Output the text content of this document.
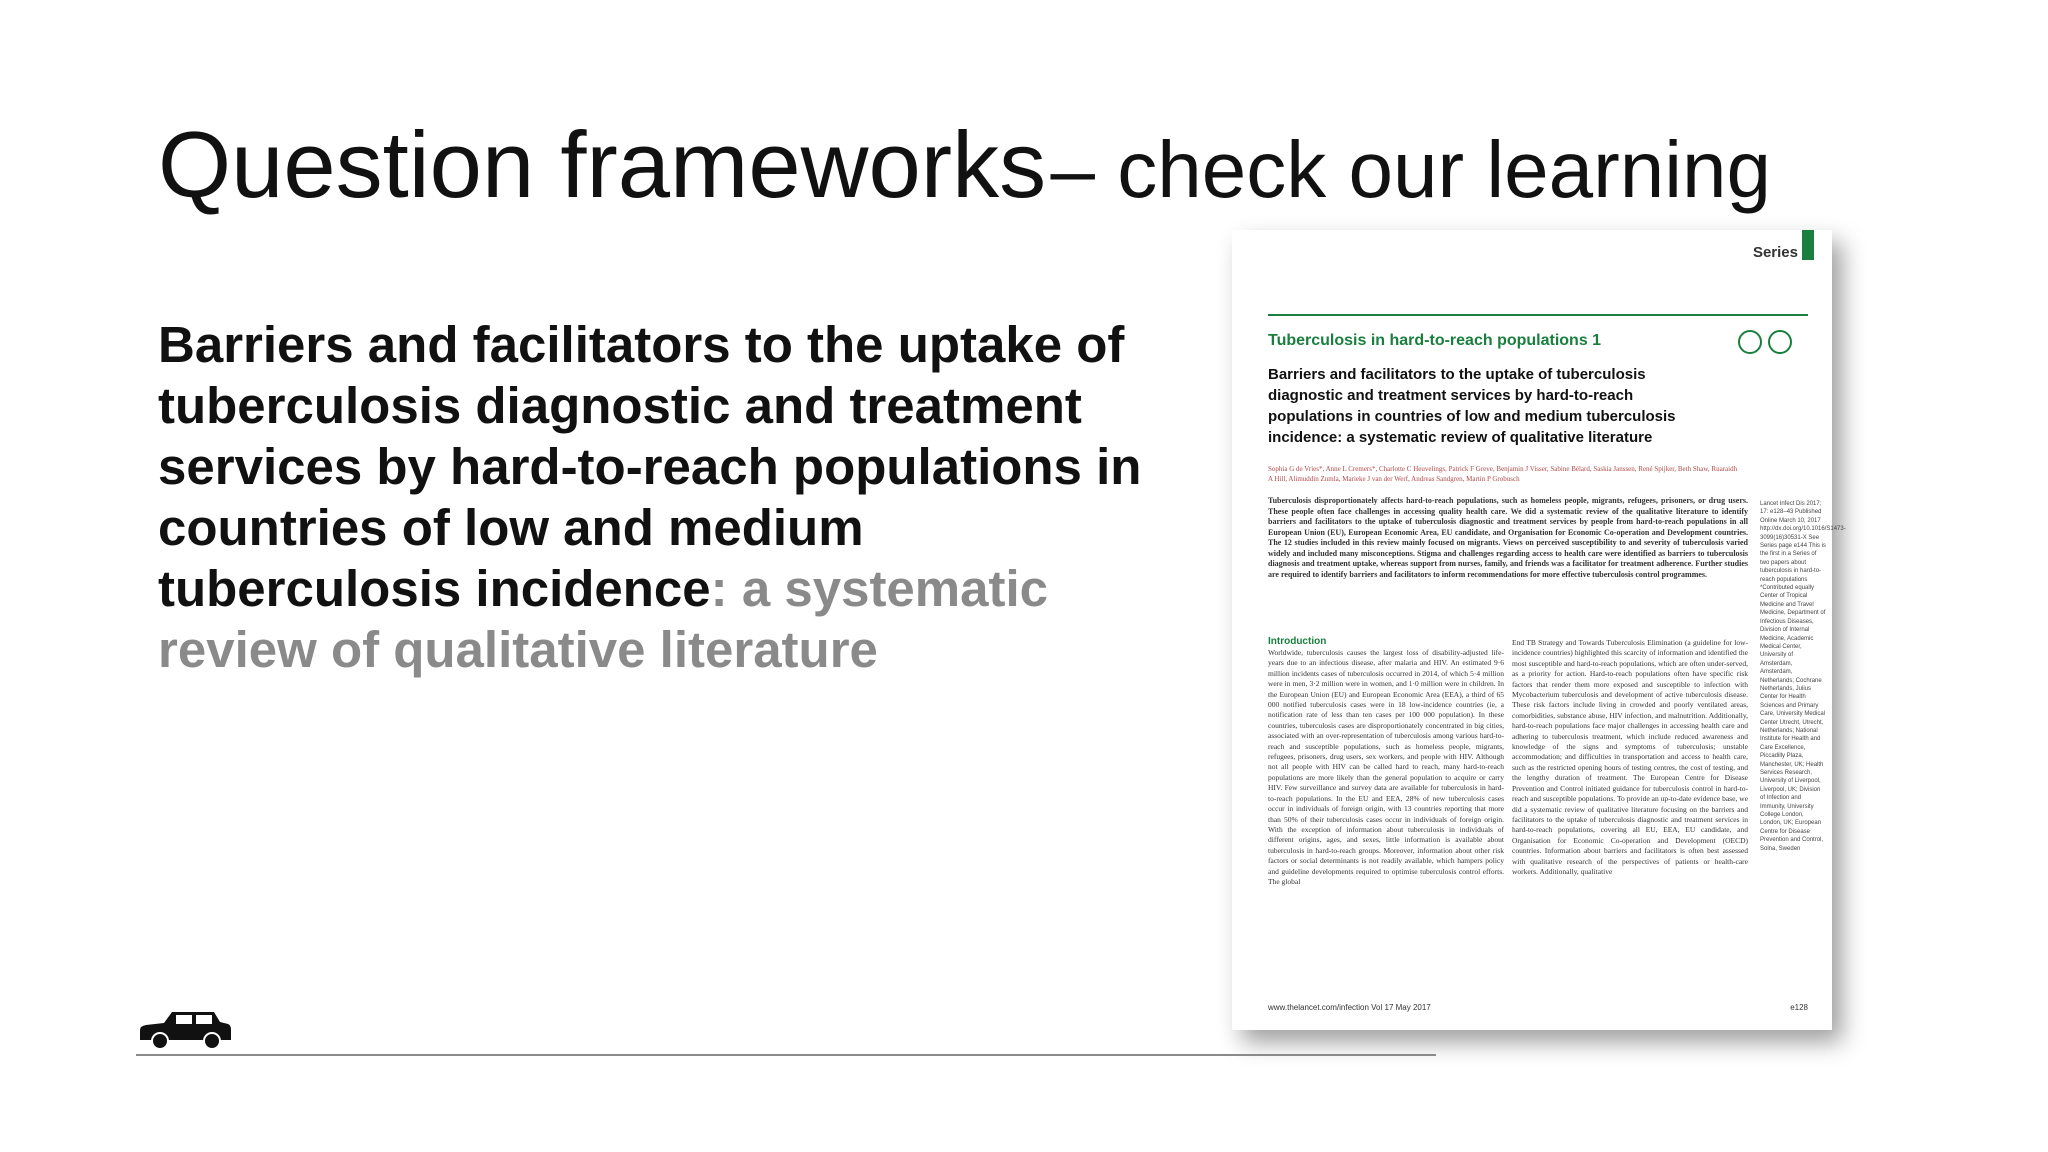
Question frameworks – check our learning

Barriers and facilitators to the uptake of tuberculosis diagnostic and treatment services by hard-to-reach populations in countries of low and medium tuberculosis incidence: a systematic review of qualitative literature

Series
Tuberculosis in hard-to-reach populations 1

Barriers and facilitators to the uptake of tuberculosis diagnostic and treatment services by hard-to-reach populations in countries of low and medium tuberculosis incidence: a systematic review of qualitative literature

Sophia G de Vries*, Anne L Cremers*, Charlotte C Heuvelings, Patrick F Greve, Benjamin J Visser, Sabine Bélard, Saskia Janssen, René Spijker, Beth Shaw, Ruaraidh A Hill, Alimuddin Zumla, Marieke J van der Werf, Andreas Sandgren, Martin P Grobusch

Tuberculosis disproportionately affects hard-to-reach populations, such as homeless people, migrants, refugees, prisoners, or drug users. These people often face challenges in accessing quality health care. We did a systematic review of the qualitative literature to identify barriers and facilitators to the uptake of tuberculosis diagnostic and treatment services by people from hard-to-reach populations in all European Union (EU), European Economic Area, EU candidate, and Organisation for Economic Co-operation and Development countries. The 12 studies included in this review mainly focused on migrants. Views on perceived susceptibility to and severity of tuberculosis varied widely and included many misconceptions. Stigma and challenges regarding access to health care were identified as barriers to tuberculosis diagnosis and treatment uptake, whereas support from nurses, family, and friends was a facilitator for treatment adherence. Further studies are required to identify barriers and facilitators to inform recommendations for more effective tuberculosis control programmes.

Introduction

Worldwide, tuberculosis causes the largest loss of disability-adjusted life-years due to an infectious disease, after malaria and HIV. An estimated 9·6 million incidents cases of tuberculosis occurred in 2014, of which 5·4 million were in men, 3·2 million were in women, and 1·0 million were in children. In the European Union (EU) and European Economic Area (EEA), a third of 65 000 notified tuberculosis cases were in 18 low-incidence countries (ie, a notification rate of less than ten cases per 100 000 population). In these countries, tuberculosis cases are disproportionately concentrated in big cities, associated with an over-representation of tuberculosis among various hard-to-reach and susceptible populations, such as homeless people, migrants, refugees, prisoners, drug users, sex workers, and people with HIV. Although not all people with HIV can be called hard to reach, many hard-to-reach populations are more likely than the general population to acquire or carry HIV. Few surveillance and survey data are available for tuberculosis in hard-to-reach populations. In the EU and EEA, 28% of new tuberculosis cases occur in individuals of foreign origin, with 13 countries reporting that more than 50% of their tuberculosis cases occur in individuals of foreign origin. With the exception of information about tuberculosis in individuals of different origins, ages, and sexes, little information is available about tuberculosis in hard-to-reach groups. Moreover, information about other risk factors or social determinants is not readily available, which hampers policy and guideline developments required to optimise tuberculosis control efforts. The global

End TB Strategy and Towards Tuberculosis Elimination (a guideline for low-incidence countries) highlighted this scarcity of information and identified the most susceptible and hard-to-reach populations, which are often under-served, as a priority for action. Hard-to-reach populations often have specific risk factors that render them more exposed and susceptible to infection with Mycobacterium tuberculosis and development of active tuberculosis disease. These risk factors include living in crowded and poorly ventilated areas, comorbidities, substance abuse, HIV infection, and malnutrition. Additionally, hard-to-reach populations face major challenges in accessing health care and adhering to tuberculosis treatment, which include reduced awareness and knowledge of the signs and symptoms of tuberculosis; unstable accommodation; and difficulties in transportation and access to health care, such as the restricted opening hours of testing centres, the cost of testing, and the lengthy duration of treatment. The European Centre for Disease Prevention and Control initiated guidance for tuberculosis control in hard-to-reach and susceptible populations. To provide an up-to-date evidence base, we did a systematic review of qualitative literature focusing on the barriers and facilitators to the uptake of tuberculosis diagnostic and treatment services in hard-to-reach populations, covering all EU, EEA, EU candidate, and Organisation for Economic Co-operation and Development (OECD) countries. Information about barriers and facilitators is often best assessed with qualitative research of the perspectives of patients or health-care workers. Additionally, qualitative

Lancet Infect Dis 2017; 17: e128–43 Published Online March 10, 2017 http://dx.doi.org/10.1016/S1473-3099(16)30531-X See Series page e144 This is the first in a Series of two papers about tuberculosis in hard-to-reach populations *Contributed equally Center of Tropical Medicine and Travel Medicine, Department of Infectious Diseases, Division of Internal Medicine, Academic Medical Center, University of Amsterdam, Amsterdam, Netherlands; Cochrane Netherlands, Julius Center for Health Sciences and Primary Care, University Medical Center Utrecht, Utrecht, Netherlands; National Institute for Health and Care Excellence, Piccadilly Plaza, Manchester, UK; Health Services Research, University of Liverpool, Liverpool, UK; Division of Infection and Immunity, University College London, London, UK; European Centre for Disease Prevention and Control, Solna, Sweden

www.thelancet.com/infection Vol 17 May 2017	e128
